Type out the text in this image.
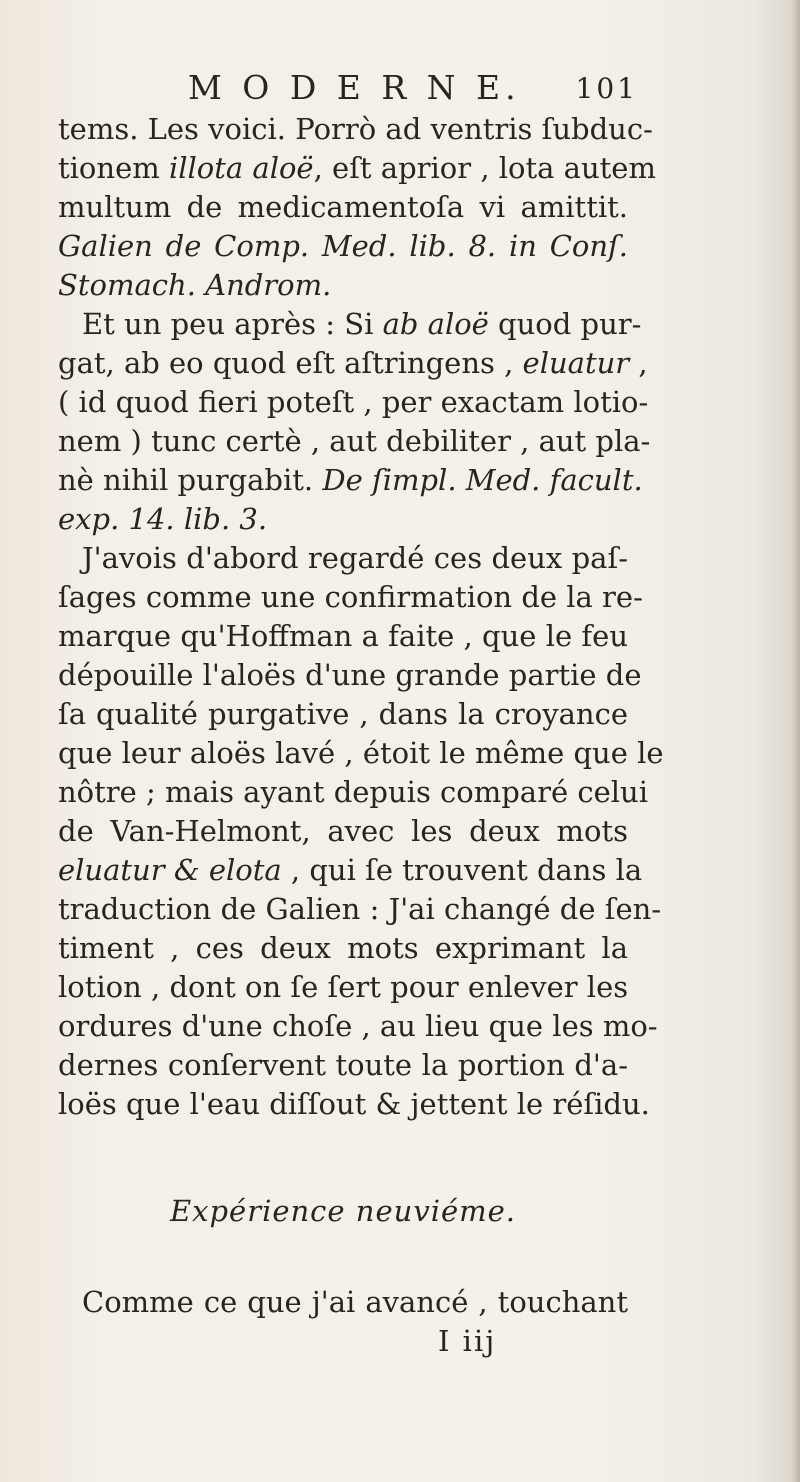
M O D E R N E. 101
tems. Les voici. Porrò ad ventris ſubduc-
tionem illota aloë, eſt aprior , lota autem
multum de medicamentoſa vi amittit.
Galien de Comp. Med. lib. 8. in Conſ.
Stomach. Androm.
Et un peu après : Si ab aloë quod pur-
gat, ab eo quod eſt aſtringens , eluatur ,
( id quod fieri poteſt , per exactam lotio-
nem ) tunc certè , aut debiliter , aut pla-
nè nihil purgabit. De ſimpl. Med. facult.
exp. 14. lib. 3.
J'avois d'abord regardé ces deux paſ-
ſages comme une confirmation de la re-
marque qu'Hoffman a faite , que le feu
dépouille l'aloës d'une grande partie de
ſa qualité purgative , dans la croyance
que leur aloës lavé , étoit le même que le
nôtre ; mais ayant depuis comparé celui
de Van-Helmont, avec les deux mots
eluatur & elota , qui ſe trouvent dans la
traduction de Galien : J'ai changé de ſen-
timent , ces deux mots exprimant la
lotion , dont on ſe ſert pour enlever les
ordures d'une choſe , au lieu que les mo-
dernes conſervent toute la portion d'a-
loës que l'eau diſſout & jettent le réſidu.
Expérience neuviéme.
Comme ce que j'ai avancé , touchant
I iij
